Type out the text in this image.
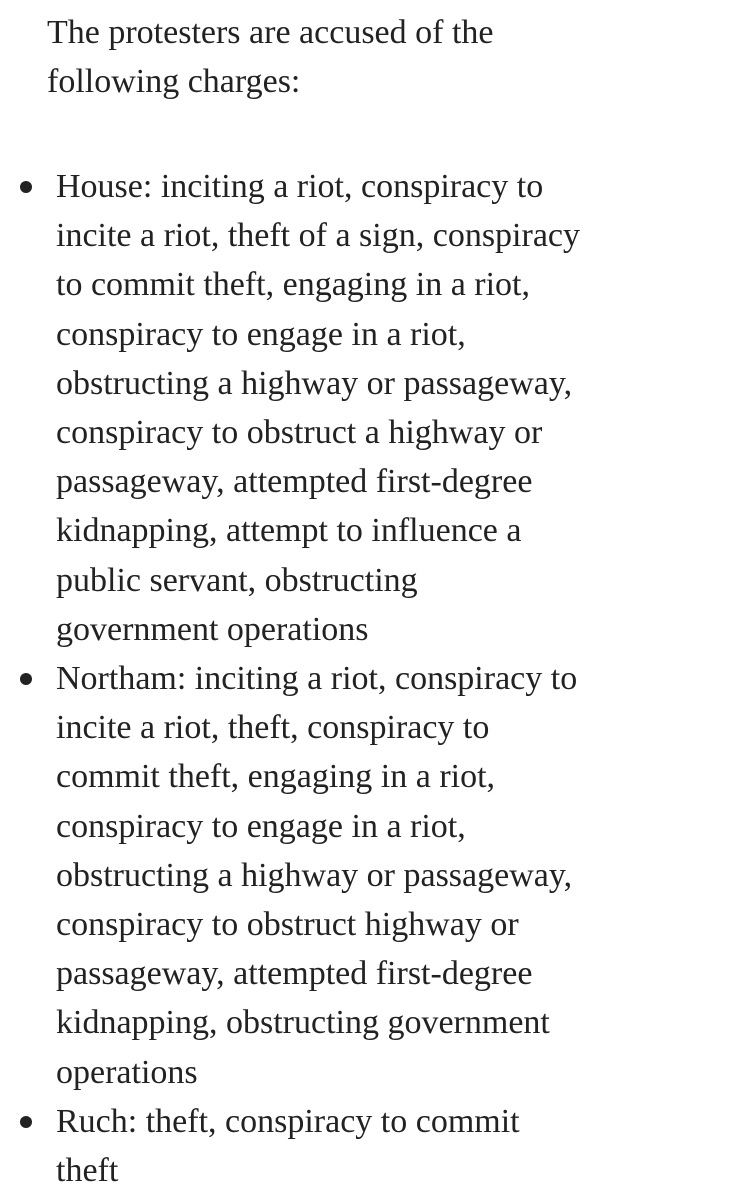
The protesters are accused of the
following charges:

House: inciting a riot, conspiracy to
incite a riot, theft of a sign, conspiracy
to commit theft, engaging in a riot,
conspiracy to engage in a riot,
obstructing a highway or passageway,
conspiracy to obstruct a highway or
passageway, attempted first-degree
kidnapping, attempt to influence a
public servant, obstructing
government operations
Northam: inciting a riot, conspiracy to
incite a riot, theft, conspiracy to
commit theft, engaging in a riot,
conspiracy to engage in a riot,
obstructing a highway or passageway,
conspiracy to obstruct highway or
passageway, attempted first-degree
kidnapping, obstructing government
operations
Ruch: theft, conspiracy to commit
theft
